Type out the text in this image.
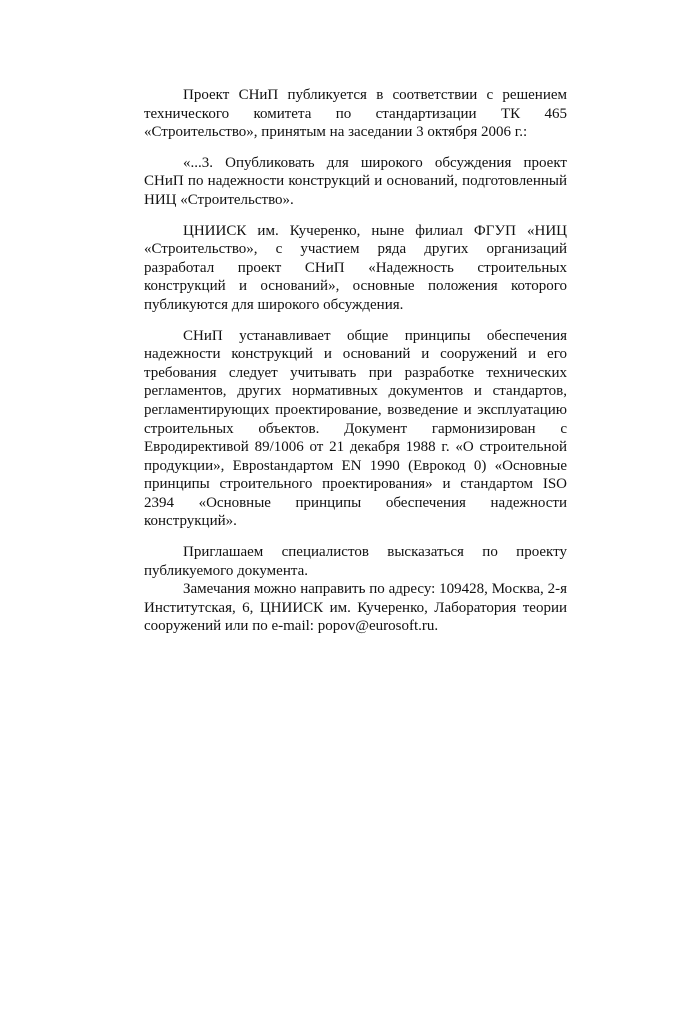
Проект СНиП публикуется в соответствии с решением технического комитета по стандартизации ТК 465 «Строительство», принятым на заседании 3 октября 2006 г.:

«...3. Опубликовать для широкого обсуждения проект СНиП по надежности конструкций и оснований, подготовленный НИЦ «Строительство».

ЦНИИСК им. Кучеренко, ныне филиал ФГУП «НИЦ «Строительство», с участием ряда других организаций разработал проект СНиП «Надежность строительных конструкций и оснований», основные положения которого публикуются для широкого обсуждения.

СНиП устанавливает общие принципы обеспечения надежности конструкций и оснований и сооружений и его требования следует учитывать при разработке технических регламентов, других нормативных документов и стандартов, регламентирующих проектирование, возведение и эксплуатацию строительных объектов. Документ гармонизирован с Евродирективой 89/1006 от 21 декабря 1988 г. «О строительной продукции», Еврostандартом EN 1990 (Еврокод 0) «Основные принципы строительного проектирования» и стандартом ISO 2394 «Основные принципы обеспечения надежности конструкций».

Приглашаем специалистов высказаться по проекту публикуемого документа.

Замечания можно направить по адресу: 109428, Москва, 2-я Институтская, 6, ЦНИИСК им. Кучеренко, Лаборатория теории сооружений или по e-mail: popov@eurosoft.ru.
